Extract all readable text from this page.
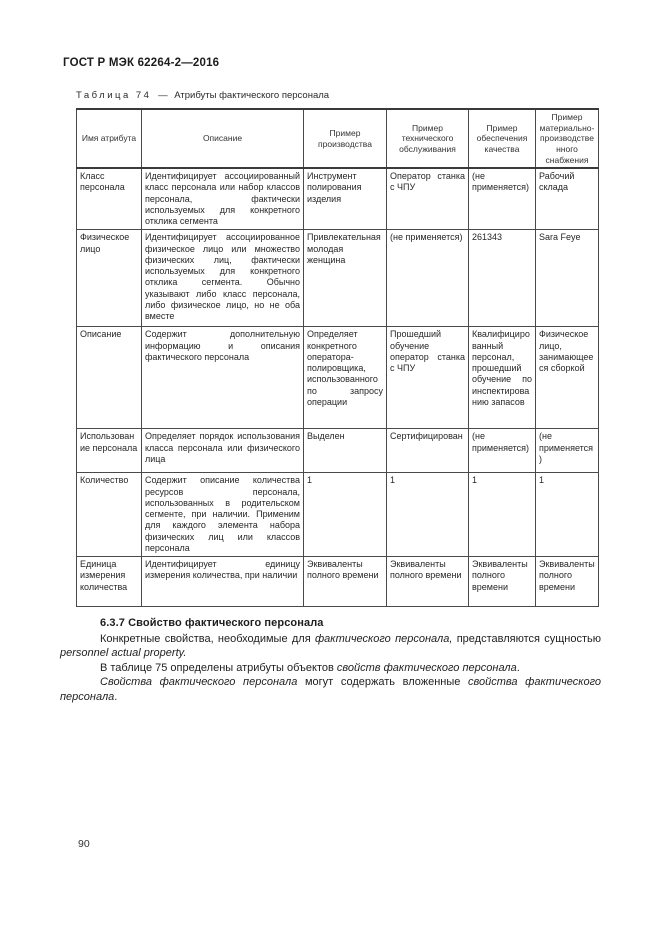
ГОСТ Р МЭК 62264-2—2016
Таблица 74 — Атрибуты фактического персонала
Имя атрибута	Описание	Пример производства	Пример технического обслуживания	Пример обеспечения качества	Пример материально-производственного снабжения
Класс персонала	Идентифицирует ассоциированный класс персонала или набор классов персонала, фактически используемых для конкретного отклика сегмента	Инструмент полирования изделия	Оператор станка с ЧПУ	(не применяется)	Рабочий склада
Физическое лицо	Идентифицирует ассоциированное физическое лицо или множество физических лиц, фактически используемых для конкретного отклика сегмента. Обычно указывают либо класс персонала, либо физическое лицо, но не оба вместе	Привлекательная молодая женщина	(не применяется)	261343	Sara Feye
Описание	Содержит дополнительную информацию и описания фактического персонала	Определяет конкретного оператора-полировщика, использованного по запросу операции	Прошедший обучение оператор станка с ЧПУ	Квалифицированный персонал, прошедший обучение по инспектированию запасов	Физическое лицо, занимающееся сборкой
Использование персонала	Определяет порядок использования класса персонала или физического лица	Выделен	Сертифицирован	(не применяется)	(не применяется)
Количество	Содержит описание количества ресурсов персонала, использованных в родительском сегменте, при наличии. Применим для каждого элемента набора физических лиц или классов персонала	1	1	1	1
Единица измерения количества	Идентифицирует единицу измерения количества, при наличии	Эквиваленты полного времени	Эквиваленты полного времени	Эквиваленты полного времени	Эквиваленты полного времени
6.3.7 Свойство фактического персонала

Конкретные свойства, необходимые для фактического персонала, представляются сущностью personnel actual property.

В таблице 75 определены атрибуты объектов свойств фактического персонала.

Свойства фактического персонала могут содержать вложенные свойства фактического персонала.

90
